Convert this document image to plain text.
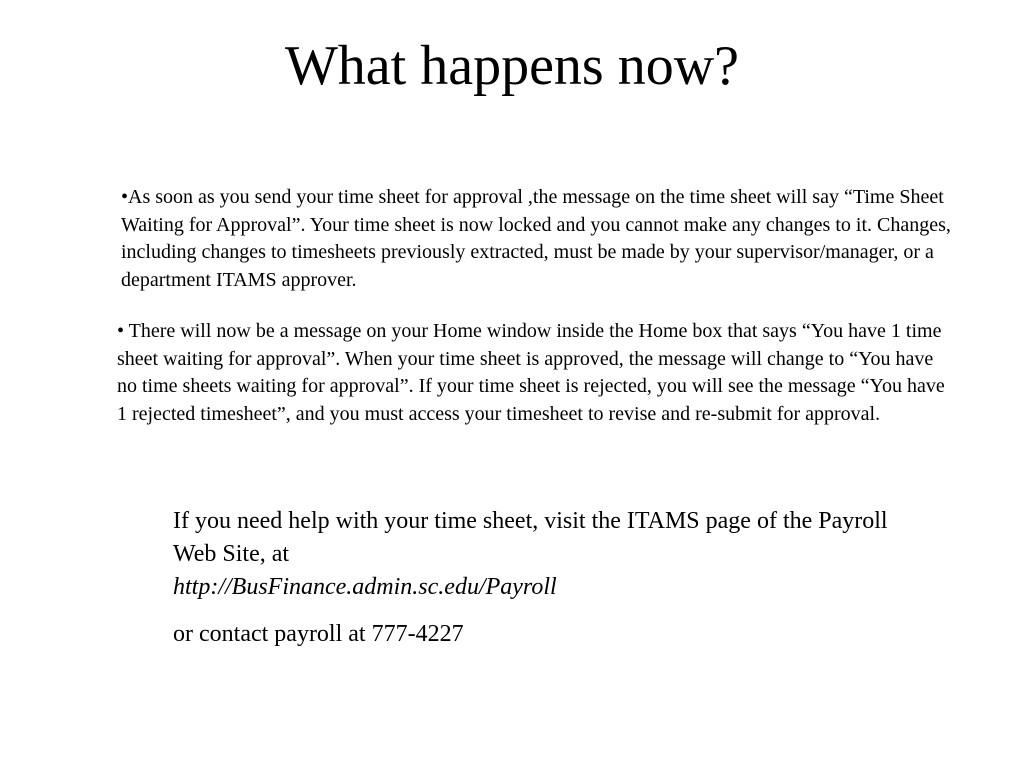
What happens now?

•As soon as you send your time sheet for approval ,the message on the time sheet will say “Time Sheet Waiting for Approval”. Your time sheet is now locked and you cannot make any changes to it. Changes, including changes to timesheets previously extracted, must be made by your supervisor/manager, or a department ITAMS approver.

• There will now be a message on your Home window inside the Home box that says “You have 1 time sheet waiting for approval”. When your time sheet is approved, the message will change to “You have no time sheets waiting for approval”. If your time sheet is rejected, you will see the message “You have 1 rejected timesheet”, and you must access your timesheet to revise and re-submit for approval.

If you need help with your time sheet, visit the ITAMS page of the Payroll Web Site, at
http://BusFinance.admin.sc.edu/Payroll

or contact payroll at 777-4227
